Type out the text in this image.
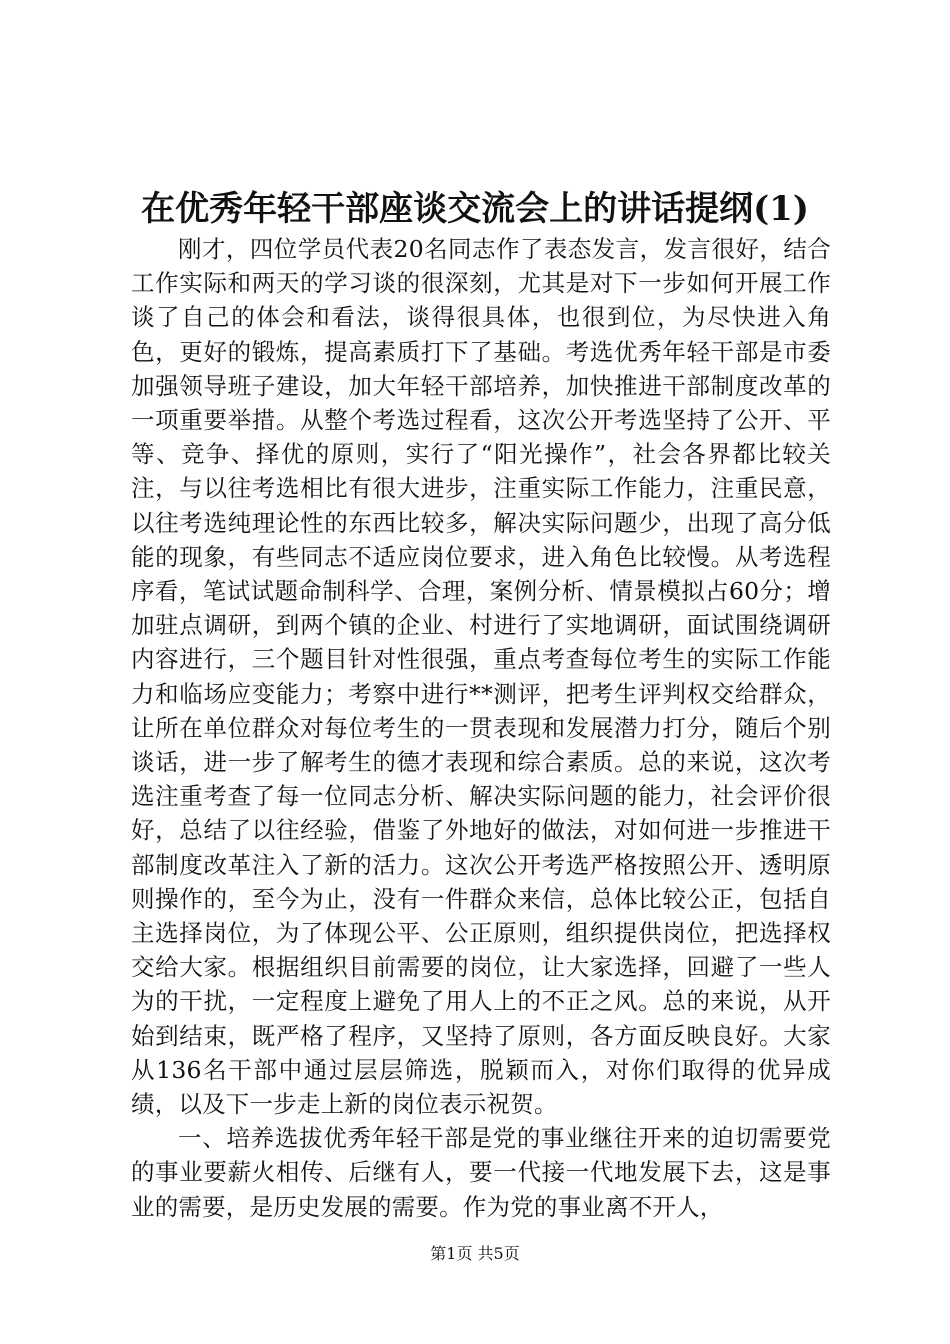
在优秀年轻干部座谈交流会上的讲话提纲(1)

刚才，四位学员代表20名同志作了表态发言，发言很好，结合工作实际和两天的学习谈的很深刻，尤其是对下一步如何开展工作谈了自己的体会和看法，谈得很具体，也很到位，为尽快进入角色，更好的锻炼，提高素质打下了基础。考选优秀年轻干部是市委加强领导班子建设，加大年轻干部培养，加快推进干部制度改革的一项重要举措。从整个考选过程看，这次公开考选坚持了公开、平等、竞争、择优的原则，实行了“阳光操作”，社会各界都比较关注，与以往考选相比有很大进步，注重实际工作能力，注重民意，以往考选纯理论性的东西比较多，解决实际问题少，出现了高分低能的现象，有些同志不适应岗位要求，进入角色比较慢。从考选程序看，笔试试题命制科学、合理，案例分析、情景模拟占60分；增加驻点调研，到两个镇的企业、村进行了实地调研，面试围绕调研内容进行，三个题目针对性很强，重点考查每位考生的实际工作能力和临场应变能力；考察中进行**测评，把考生评判权交给群众，让所在单位群众对每位考生的一贯表现和发展潜力打分，随后个别谈话，进一步了解考生的德才表现和综合素质。总的来说，这次考选注重考查了每一位同志分析、解决实际问题的能力，社会评价很好，总结了以往经验，借鉴了外地好的做法，对如何进一步推进干部制度改革注入了新的活力。这次公开考选严格按照公开、透明原则操作的，至今为止，没有一件群众来信，总体比较公正，包括自主选择岗位，为了体现公平、公正原则，组织提供岗位，把选择权交给大家。根据组织目前需要的岗位，让大家选择，回避了一些人为的干扰，一定程度上避免了用人上的不正之风。总的来说，从开始到结束，既严格了程序，又坚持了原则，各方面反映良好。大家从136名干部中通过层层筛选，脱颖而入，对你们取得的优异成绩，以及下一步走上新的岗位表示祝贺。

一、培养选拔优秀年轻干部是党的事业继往开来的迫切需要党的事业要薪火相传、后继有人，要一代接一代地发展下去，这是事业的需要，是历史发展的需要。作为党的事业离不开人，

第1页 共5页
